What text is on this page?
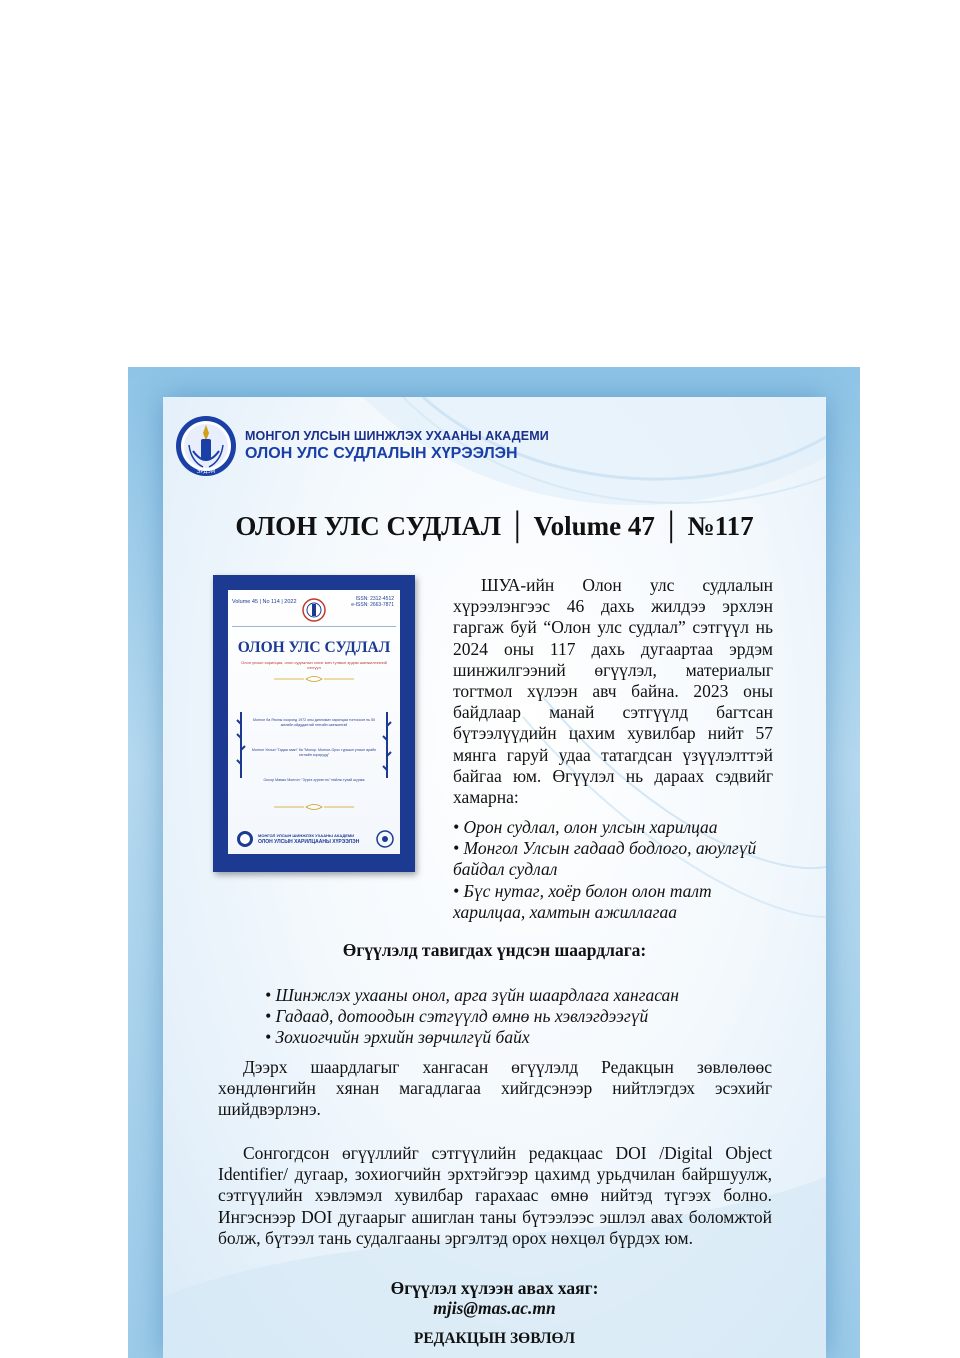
ЭРДЭМ
МОНГОЛ УЛСЫН ШИНЖЛЭХ УХААНЫ АКАДЕМИ
ОЛОН УЛС СУДЛАЛЫН ХҮРЭЭЛЭН
ОЛОН УЛС СУДЛАЛ │ Volume 47 │ №117
Volume 45 | No 114 | 2022	ISSN: 2312-4512
e-ISSN: 2663-7871
ОЛОН УЛС СУДЛАЛ
Олон улсын харилцаа, олон судлалын хэлэг мэн түлвын эрдэм шинжилгээний сэтгүүл
Монгол ба Японы хооронд 1972 оны дипломат харилцаа тогтоосон нь 50 жилийн ойдудалтай энтгийн шинжилгэй
Монгол Улсын "Гадаа хаан" ба "Monoр. Монгол-Орос туршын улсын арабн хэгнийн хорхрууд"
Оосор Мамко Монгол: "Зүрхэ зүрхэн нь" нийлж тухай шүүмж
МОНГОЛ УЛСЫН ШИНЖЛЭХ УХААНЫ АКАДЕМИ
ОЛОН УЛСЫН ХАРИЛЦААНЫ ХҮРЭЭЛЭН
ШУА-ийн Олон улс судлалын хүрээлэнгээс 46 дахь жилдээ эрхлэн гаргаж буй “Олон улс судлал” сэтгүүл нь 2024 оны 117 дахь дугаартаа эрдэм шинжилгээний өгүүлэл, материалыг тогтмол хүлээн авч байна. 2023 оны байдлаар манай сэтгүүлд багтсан бүтээлүүдийн цахим хувилбар нийт 57 мянга гаруй удаа татагдсан үзүүлэлттэй байгаа юм. Өгүүлэл нь дараах сэдвийг хамарна:
• Орон судлал, олон улсын харилцаа
• Монгол Улсын гадаад бодлого, аюулгүй байдал судлал
• Бүс нутаг, хоёр болон олон талт харилцаа, хамтын ажиллагаа
Өгүүлэлд тавигдах үндсэн шаардлага:
• Шинжлэх ухааны онол, арга зүйн шаардлага хангасан
• Гадаад, дотоодын сэтгүүлд өмнө нь хэвлэгдээгүй
• Зохиогчийн эрхийн зөрчилгүй байх
Дээрх шаардлагыг хангасан өгүүлэлд Редакцын зөвлөлөөс хөндлөнгийн хянан магадлагаа хийгдсэнээр нийтлэгдэх эсэхийг шийдвэрлэнэ.
Сонгогдсон өгүүллийг сэтгүүлийн редакцаас DOI /Digital Object Identifier/ дугаар, зохиогчийн эрхтэйгээр цахимд урьдчилан байршуулж, сэтгүүлийн хэвлэмэл хувилбар гарахаас өмнө нийтэд түгээх болно. Ингэснээр DOI дугаарыг ашиглан таны бүтээлээс эшлэл авах боломжтой болж, бүтээл тань судалгааны эргэлтэд орох нөхцөл бүрдэх юм.
Өгүүлэл хүлээн авах хаяг:
mjis@mas.ac.mn
РЕДАКЦЫН ЗӨВЛӨЛ
